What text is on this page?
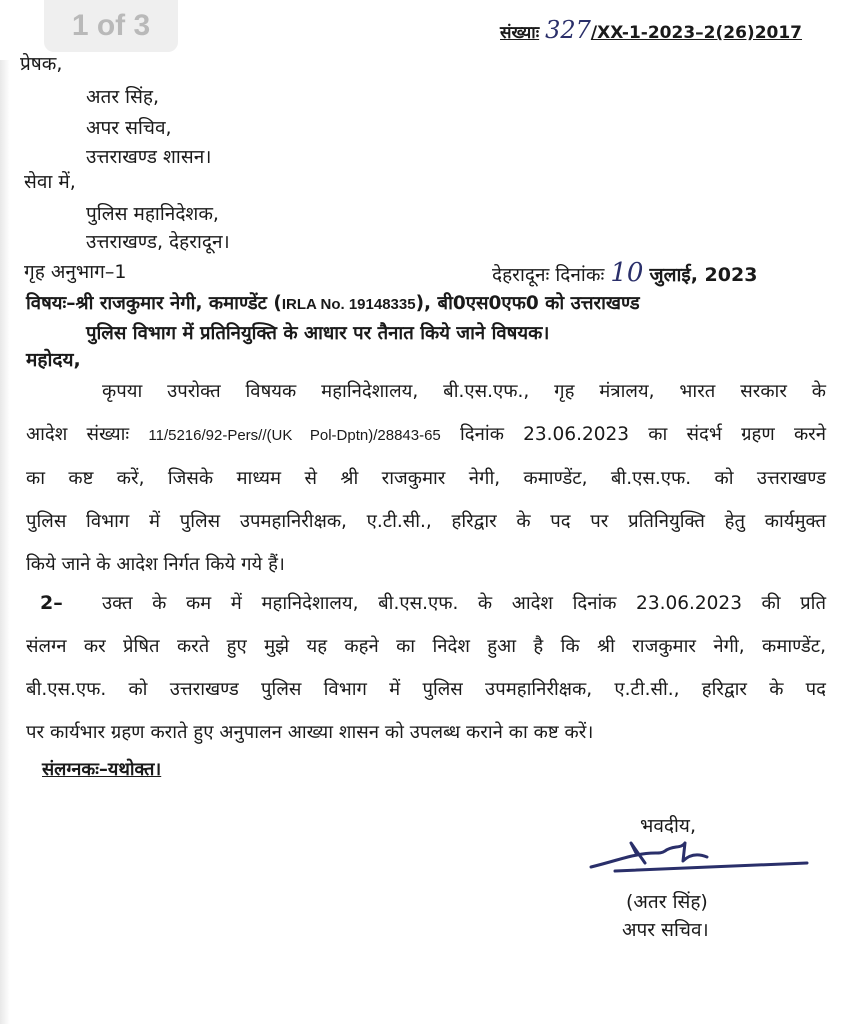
1 of 3	संख्याः 327/XX-1-2023–2(26)2017
प्रेषक,
अतर सिंह,
अपर सचिव,
उत्तराखण्ड शासन।
सेवा में,
पुलिस महानिदेशक,
उत्तराखण्ड, देहरादून।
गृह अनुभाग–1	देहरादूनः दिनांकः 10 जुलाई, 2023
विषयः–श्री राजकुमार नेगी, कमाण्डेंट (IRLA No. 19148335), बी0एस0एफ0 को उत्तराखण्ड
पुलिस विभाग में प्रतिनियुक्ति के आधार पर तैनात किये जाने विषयक।
महोदय,
कृपया उपरोक्त विषयक महानिदेशालय, बी.एस.एफ., गृह मंत्रालय, भारत सरकार के
आदेश संख्याः 11/5216/92-Pers//(UK Pol-Dptn)/28843-65 दिनांक 23.06.2023 का संदर्भ ग्रहण करने
का कष्ट करें, जिसके माध्यम से श्री राजकुमार नेगी, कमाण्डेंट, बी.एस.एफ. को उत्तराखण्ड
पुलिस विभाग में पुलिस उपमहानिरीक्षक, ए.टी.सी., हरिद्वार के पद पर प्रतिनियुक्ति हेतु कार्यमुक्त
किये जाने के आदेश निर्गत किये गये हैं।
2–	उक्त के कम में महानिदेशालय, बी.एस.एफ. के आदेश दिनांक 23.06.2023 की प्रति
संलग्न कर प्रेषित करते हुए मुझे यह कहने का निदेश हुआ है कि श्री राजकुमार नेगी, कमाण्डेंट,
बी.एस.एफ. को उत्तराखण्ड पुलिस विभाग में पुलिस उपमहानिरीक्षक, ए.टी.सी., हरिद्वार के पद
पर कार्यभार ग्रहण कराते हुए अनुपालन आख्या शासन को उपलब्ध कराने का कष्ट करें।
संलग्नकः–यथोक्त।
भवदीय,
(अतर सिंह)
अपर सचिव।
